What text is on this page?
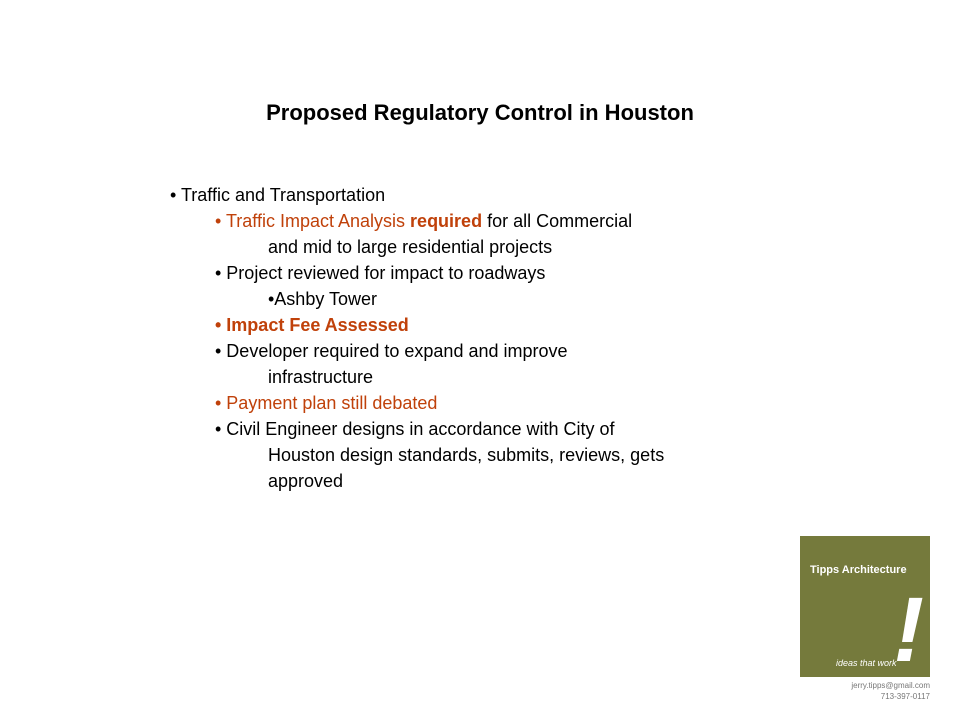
Proposed Regulatory Control in Houston
• Traffic and Transportation
• Traffic Impact Analysis required for all Commercial
and mid to large residential projects
• Project reviewed for impact to roadways
•Ashby Tower
• Impact Fee Assessed
• Developer required to expand and improve
infrastructure
• Payment plan still debated
• Civil Engineer designs in accordance with City of
Houston design standards, submits, reviews, gets
approved
Tipps Architecture
!
ideas that work
jerry.tipps@gmail.com
713-397-0117
